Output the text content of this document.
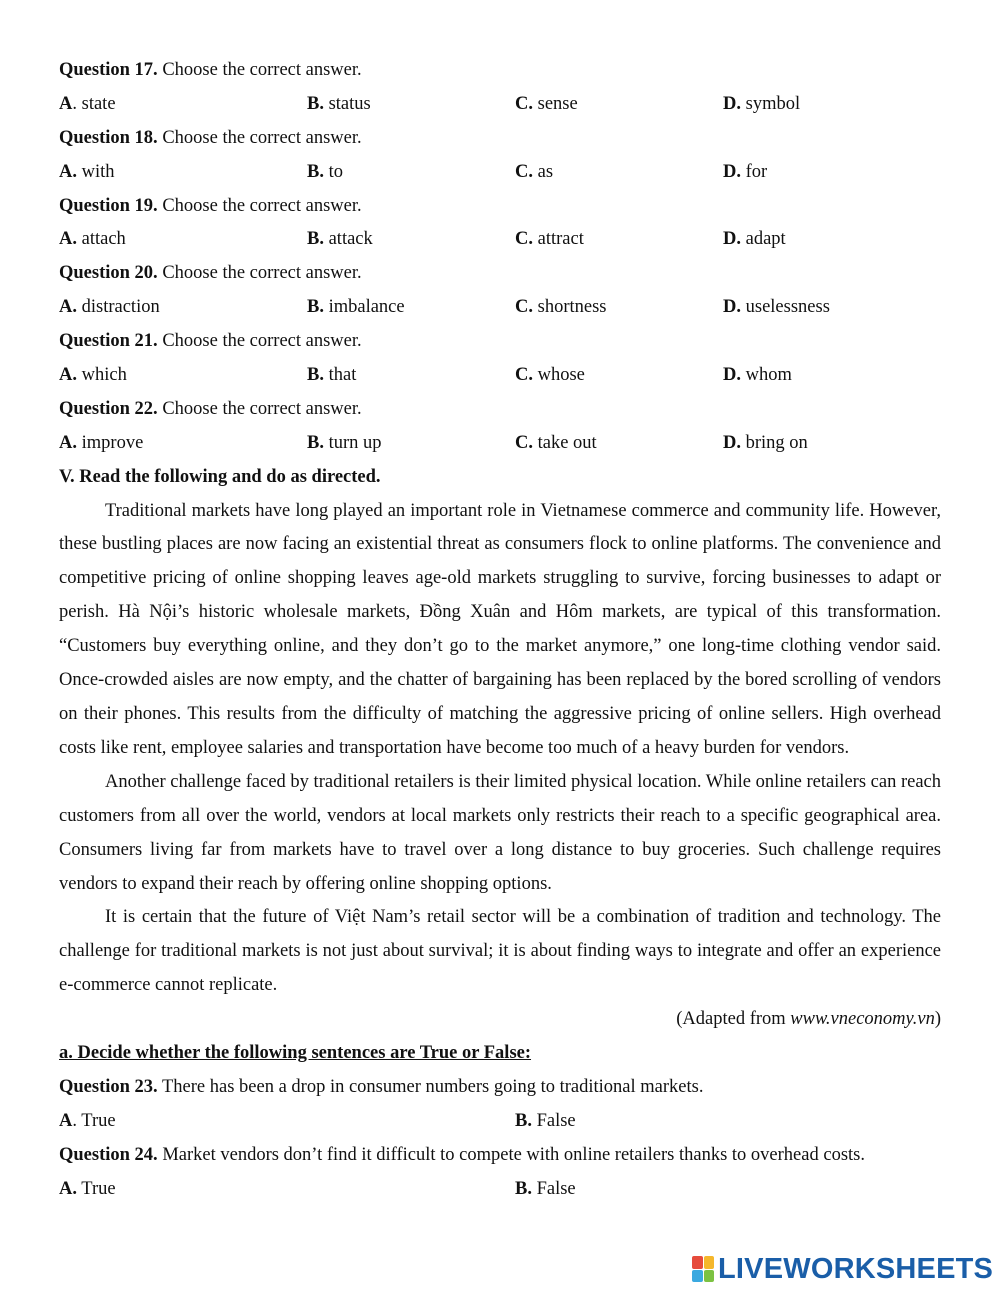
Question 17. Choose the correct answer.
A. state	B. status	C. sense	D. symbol
Question 18. Choose the correct answer.
A. with	B. to	C. as	D. for
Question 19. Choose the correct answer.
A. attach	B. attack	C. attract	D. adapt
Question 20. Choose the correct answer.
A. distraction	B. imbalance	C. shortness	D. uselessness
Question 21. Choose the correct answer.
A. which	B. that	C. whose	D. whom
Question 22. Choose the correct answer.
A. improve	B. turn up	C. take out	D. bring on
V. Read the following and do as directed.

Traditional markets have long played an important role in Vietnamese commerce and community life. However, these bustling places are now facing an existential threat as consumers flock to online platforms. The convenience and competitive pricing of online shopping leaves age-old markets struggling to survive, forcing businesses to adapt or perish. Hà Nội’s historic wholesale markets, Đồng Xuân and Hôm markets, are typical of this transformation. “Customers buy everything online, and they don’t go to the market anymore,” one long-time clothing vendor said. Once-crowded aisles are now empty, and the chatter of bargaining has been replaced by the bored scrolling of vendors on their phones. This results from the difficulty of matching the aggressive pricing of online sellers. High overhead costs like rent, employee salaries and transportation have become too much of a heavy burden for vendors.

Another challenge faced by traditional retailers is their limited physical location. While online retailers can reach customers from all over the world, vendors at local markets only restricts their reach to a specific geographical area. Consumers living far from markets have to travel over a long distance to buy groceries. Such challenge requires vendors to expand their reach by offering online shopping options.

It is certain that the future of Việt Nam’s retail sector will be a combination of tradition and technology. The challenge for traditional markets is not just about survival; it is about finding ways to integrate and offer an experience e-commerce cannot replicate.

(Adapted from www.vneconomy.vn)
a. Decide whether the following sentences are True or False:
Question 23. There has been a drop in consumer numbers going to traditional markets.
A. True	B. False
Question 24. Market vendors don’t find it difficult to compete with online retailers thanks to overhead costs.
A. True	B. False
LIVEWORKSHEETS
